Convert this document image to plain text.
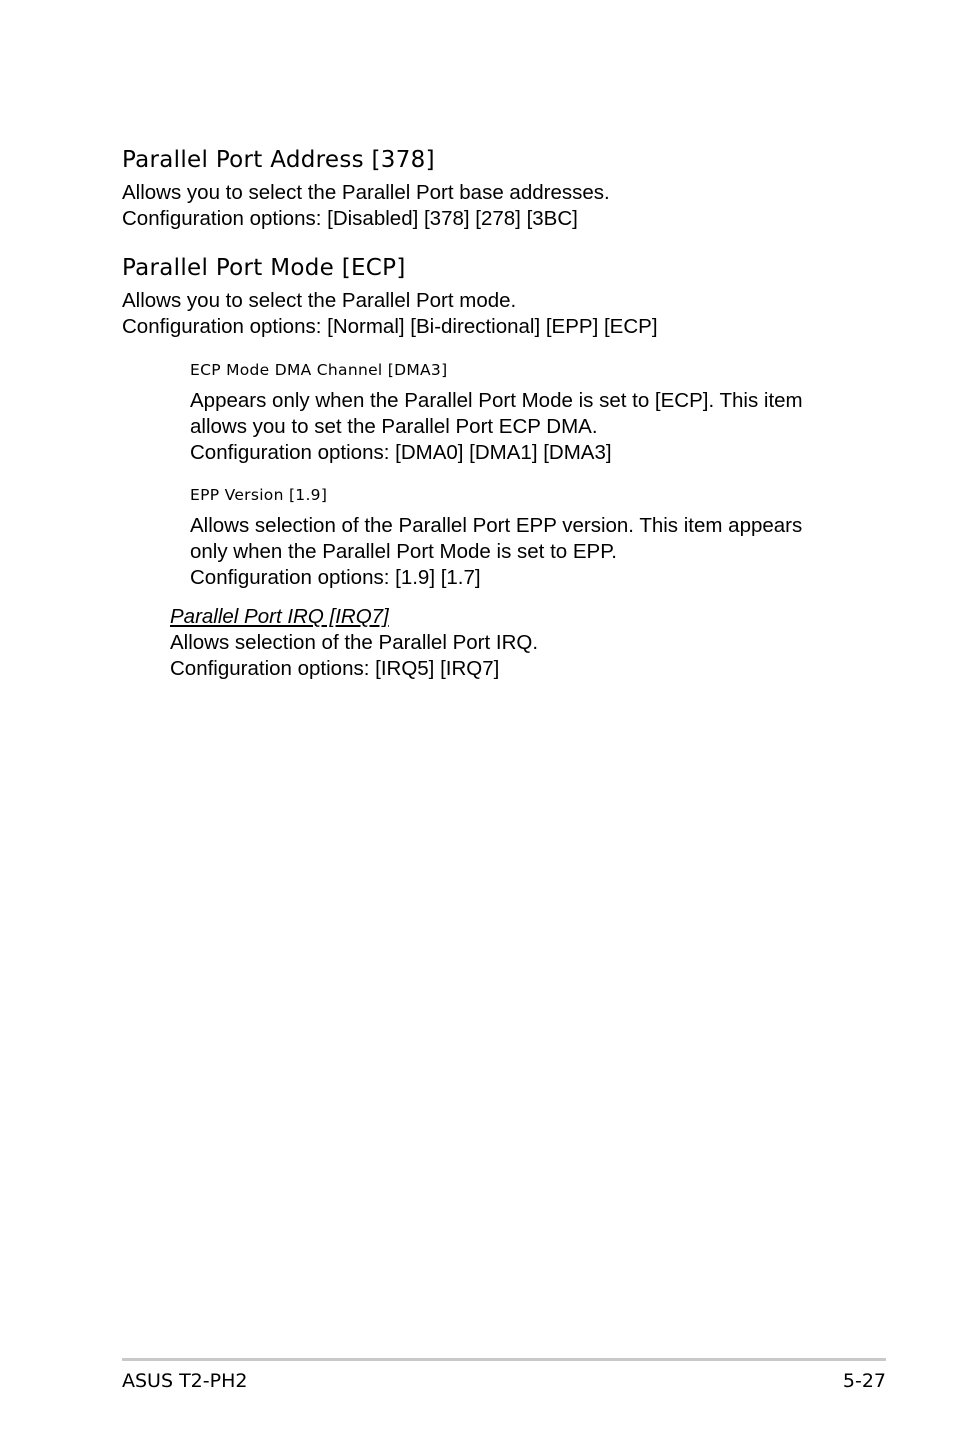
Parallel Port Address [378]
Allows you to select the Parallel Port base addresses.
Configuration options: [Disabled] [378] [278] [3BC]
Parallel Port Mode [ECP]
Allows you to select the Parallel Port mode.
Configuration options: [Normal] [Bi-directional] [EPP] [ECP]
ECP Mode DMA Channel [DMA3]
Appears only when the Parallel Port Mode is set to [ECP]. This item
allows you to set the Parallel Port ECP DMA.
Configuration options: [DMA0] [DMA1] [DMA3]
EPP Version [1.9]
Allows selection of the Parallel Port EPP version. This item appears
only when the Parallel Port Mode is set to EPP.
Configuration options: [1.9] [1.7]
Parallel Port IRQ [IRQ7]
Allows selection of the Parallel Port IRQ.
Configuration options: [IRQ5] [IRQ7]
ASUS T2-PH2	5-27
